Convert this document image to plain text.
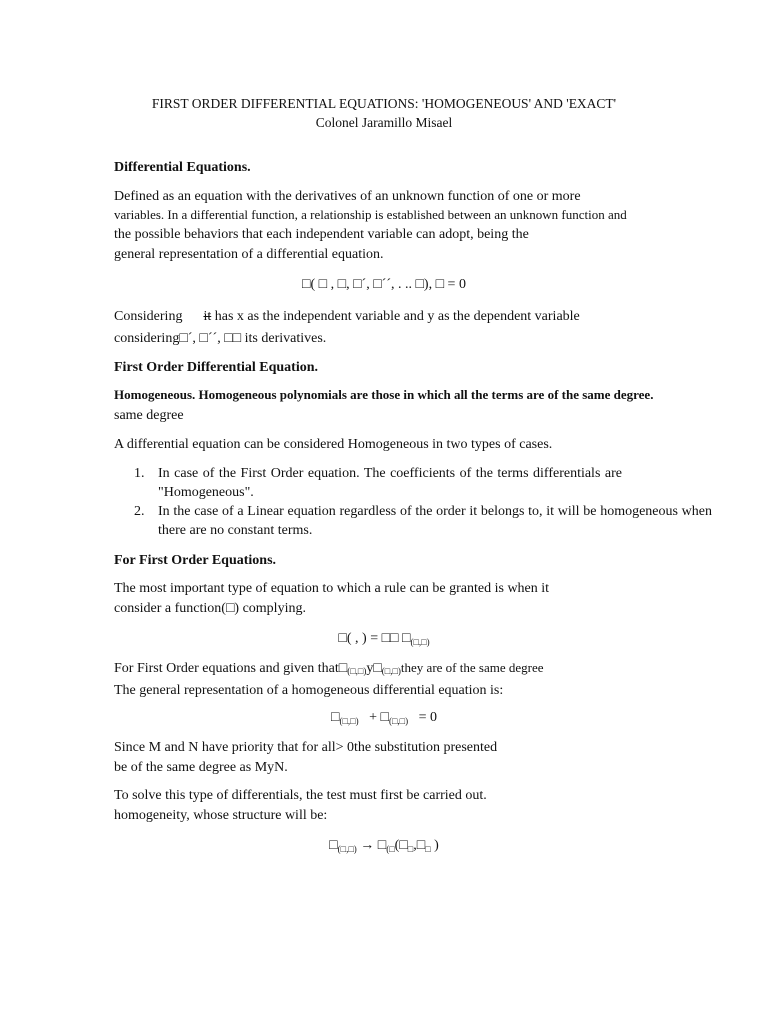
FIRST ORDER DIFFERENTIAL EQUATIONS: 'HOMOGENEOUS' AND 'EXACT'
Colonel Jaramillo Misael
Differential Equations.
Defined as an equation with the derivatives of an unknown function of one or more
variables. In a differential function, a relationship is established between an unknown function and
the possible behaviors that each independent variable can adopt, being the
general representation of a differential equation.
□( □ , □, □´, □´´, . .. □), □ = 0
Considering it has x as the independent variable and y as the dependent variable
considering□´, □´´, □□ its derivatives.
First Order Differential Equation.
Homogeneous. Homogeneous polynomials are those in which all the terms are of the same degree.
same degree
A differential equation can be considered Homogeneous in two types of cases.
1. In case of the First Order equation. The coefficients of the terms differentials are "Homogeneous".
2. In the case of a Linear equation regardless of the order it belongs to, it will be homogeneous when there are no constant terms.
For First Order Equations.
The most important type of equation to which a rule can be granted is when it
consider a function(□) complying.
□( , ) = □□ $□_{(□,□)}$
For First Order equations and given that□(□,□)y□(□,□)they are of the same degree
The general representation of a homogeneous differential equation is:
$□_{(□,□)}$   + $□_{(□,□)} = 0$
Since M and N have priority that for all> 0the substitution presented
be of the same degree as MyN.
To solve this type of differentials, the test must first be carried out.
homogeneity, whose structure will be:
$□_{(□,□)}$ → $□_{(□}(□_□,□_□$ )
